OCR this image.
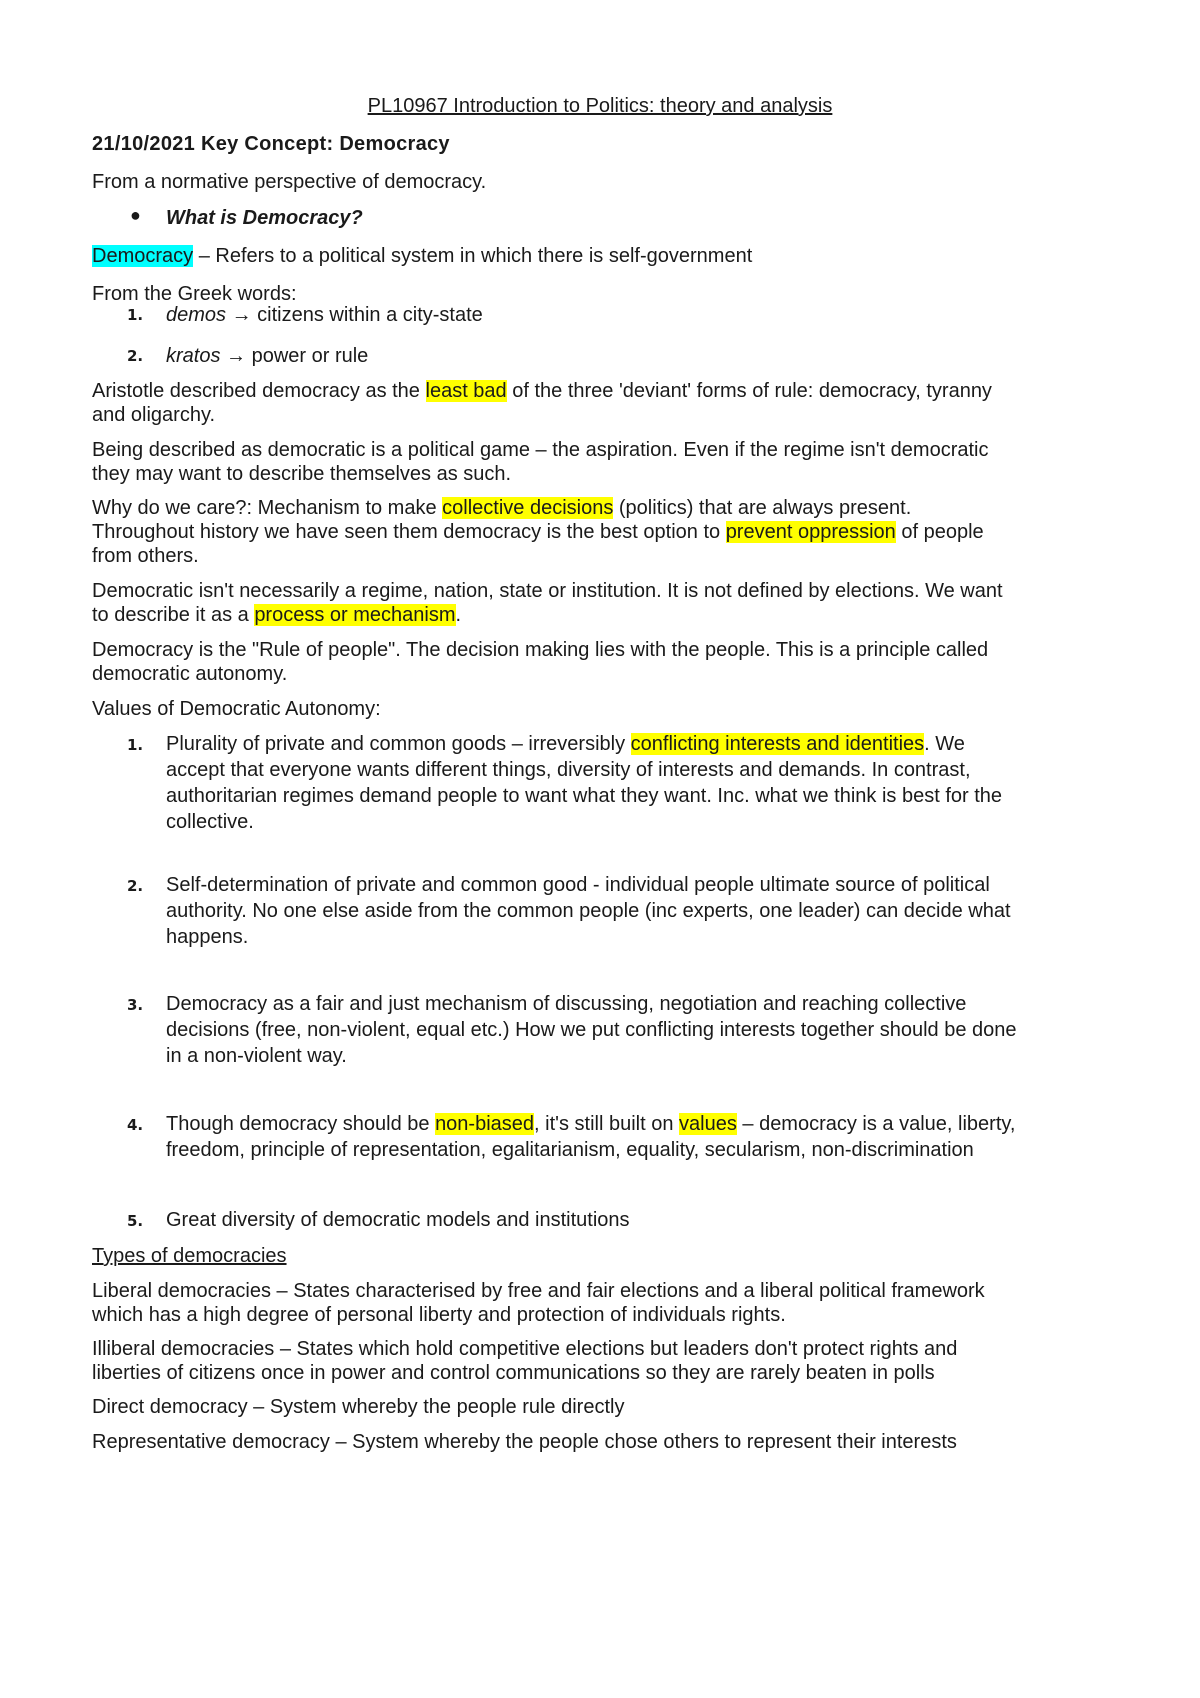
PL10967 Introduction to Politics: theory and analysis
21/10/2021 Key Concept: Democracy
From a normative perspective of democracy.
● What is Democracy?
Democracy – Refers to a political system in which there is self-government
From the Greek words:
1. demos → citizens within a city-state
2. kratos → power or rule
Aristotle described democracy as the least bad of the three 'deviant' forms of rule: democracy, tyranny
and oligarchy.
Being described as democratic is a political game – the aspiration. Even if the regime isn't democratic
they may want to describe themselves as such.
Why do we care?: Mechanism to make collective decisions (politics) that are always present.
Throughout history we have seen them democracy is the best option to prevent oppression of people
from others.
Democratic isn't necessarily a regime, nation, state or institution. It is not defined by elections. We want
to describe it as a process or mechanism.
Democracy is the "Rule of people". The decision making lies with the people. This is a principle called
democratic autonomy.
Values of Democratic Autonomy:
1. Plurality of private and common goods – irreversibly conflicting interests and identities. We
accept that everyone wants different things, diversity of interests and demands. In contrast,
authoritarian regimes demand people to want what they want. Inc. what we think is best for the
collective.
2. Self-determination of private and common good - individual people ultimate source of political
authority. No one else aside from the common people (inc experts, one leader) can decide what
happens.
3. Democracy as a fair and just mechanism of discussing, negotiation and reaching collective
decisions (free, non-violent, equal etc.) How we put conflicting interests together should be done
in a non-violent way.
4. Though democracy should be non-biased, it's still built on values – democracy is a value, liberty,
freedom, principle of representation, egalitarianism, equality, secularism, non-discrimination
5. Great diversity of democratic models and institutions
Types of democracies
Liberal democracies – States characterised by free and fair elections and a liberal political framework
which has a high degree of personal liberty and protection of individuals rights.
Illiberal democracies – States which hold competitive elections but leaders don't protect rights and
liberties of citizens once in power and control communications so they are rarely beaten in polls
Direct democracy – System whereby the people rule directly
Representative democracy – System whereby the people chose others to represent their interests
